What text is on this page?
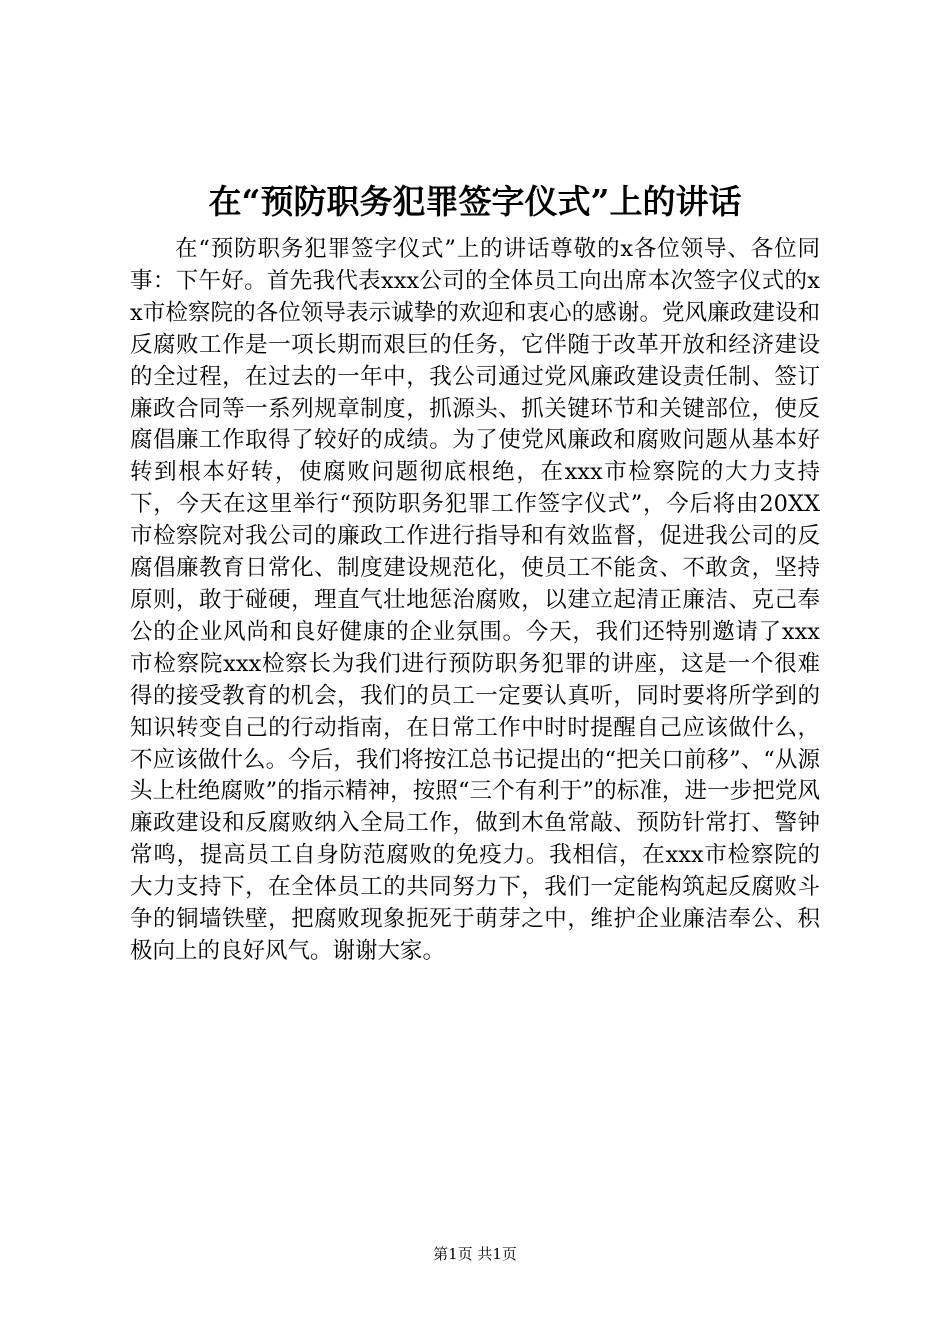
在“预防职务犯罪签字仪式”上的讲话

在“预防职务犯罪签字仪式”上的讲话尊敬的x各位领导、各位同事：下午好。首先我代表xxx公司的全体员工向出席本次签字仪式的xx市检察院的各位领导表示诚挚的欢迎和衷心的感谢。党风廉政建设和反腐败工作是一项长期而艰巨的任务，它伴随于改革开放和经济建设的全过程，在过去的一年中，我公司通过党风廉政建设责任制、签订廉政合同等一系列规章制度，抓源头、抓关键环节和关键部位，使反腐倡廉工作取得了较好的成绩。为了使党风廉政和腐败问题从基本好转到根本好转，使腐败问题彻底根绝，在xxx市检察院的大力支持下，今天在这里举行“预防职务犯罪工作签字仪式”，今后将由20XX市检察院对我公司的廉政工作进行指导和有效监督，促进我公司的反腐倡廉教育日常化、制度建设规范化，使员工不能贪、不敢贪，坚持原则，敢于碰硬，理直气壮地惩治腐败，以建立起清正廉洁、克己奉公的企业风尚和良好健康的企业氛围。今天，我们还特别邀请了xxx市检察院xxx检察长为我们进行预防职务犯罪的讲座，这是一个很难得的接受教育的机会，我们的员工一定要认真听，同时要将所学到的知识转变自己的行动指南，在日常工作中时时提醒自己应该做什么，不应该做什么。今后，我们将按江总书记提出的“把关口前移”、“从源头上杜绝腐败”的指示精神，按照“三个有利于”的标准，进一步把党风廉政建设和反腐败纳入全局工作，做到木鱼常敲、预防针常打、警钟常鸣，提高员工自身防范腐败的免疫力。我相信，在xxx市检察院的大力支持下，在全体员工的共同努力下，我们一定能构筑起反腐败斗争的铜墙铁壁，把腐败现象扼死于萌芽之中，维护企业廉洁奉公、积极向上的良好风气。谢谢大家。

第1页 共1页
